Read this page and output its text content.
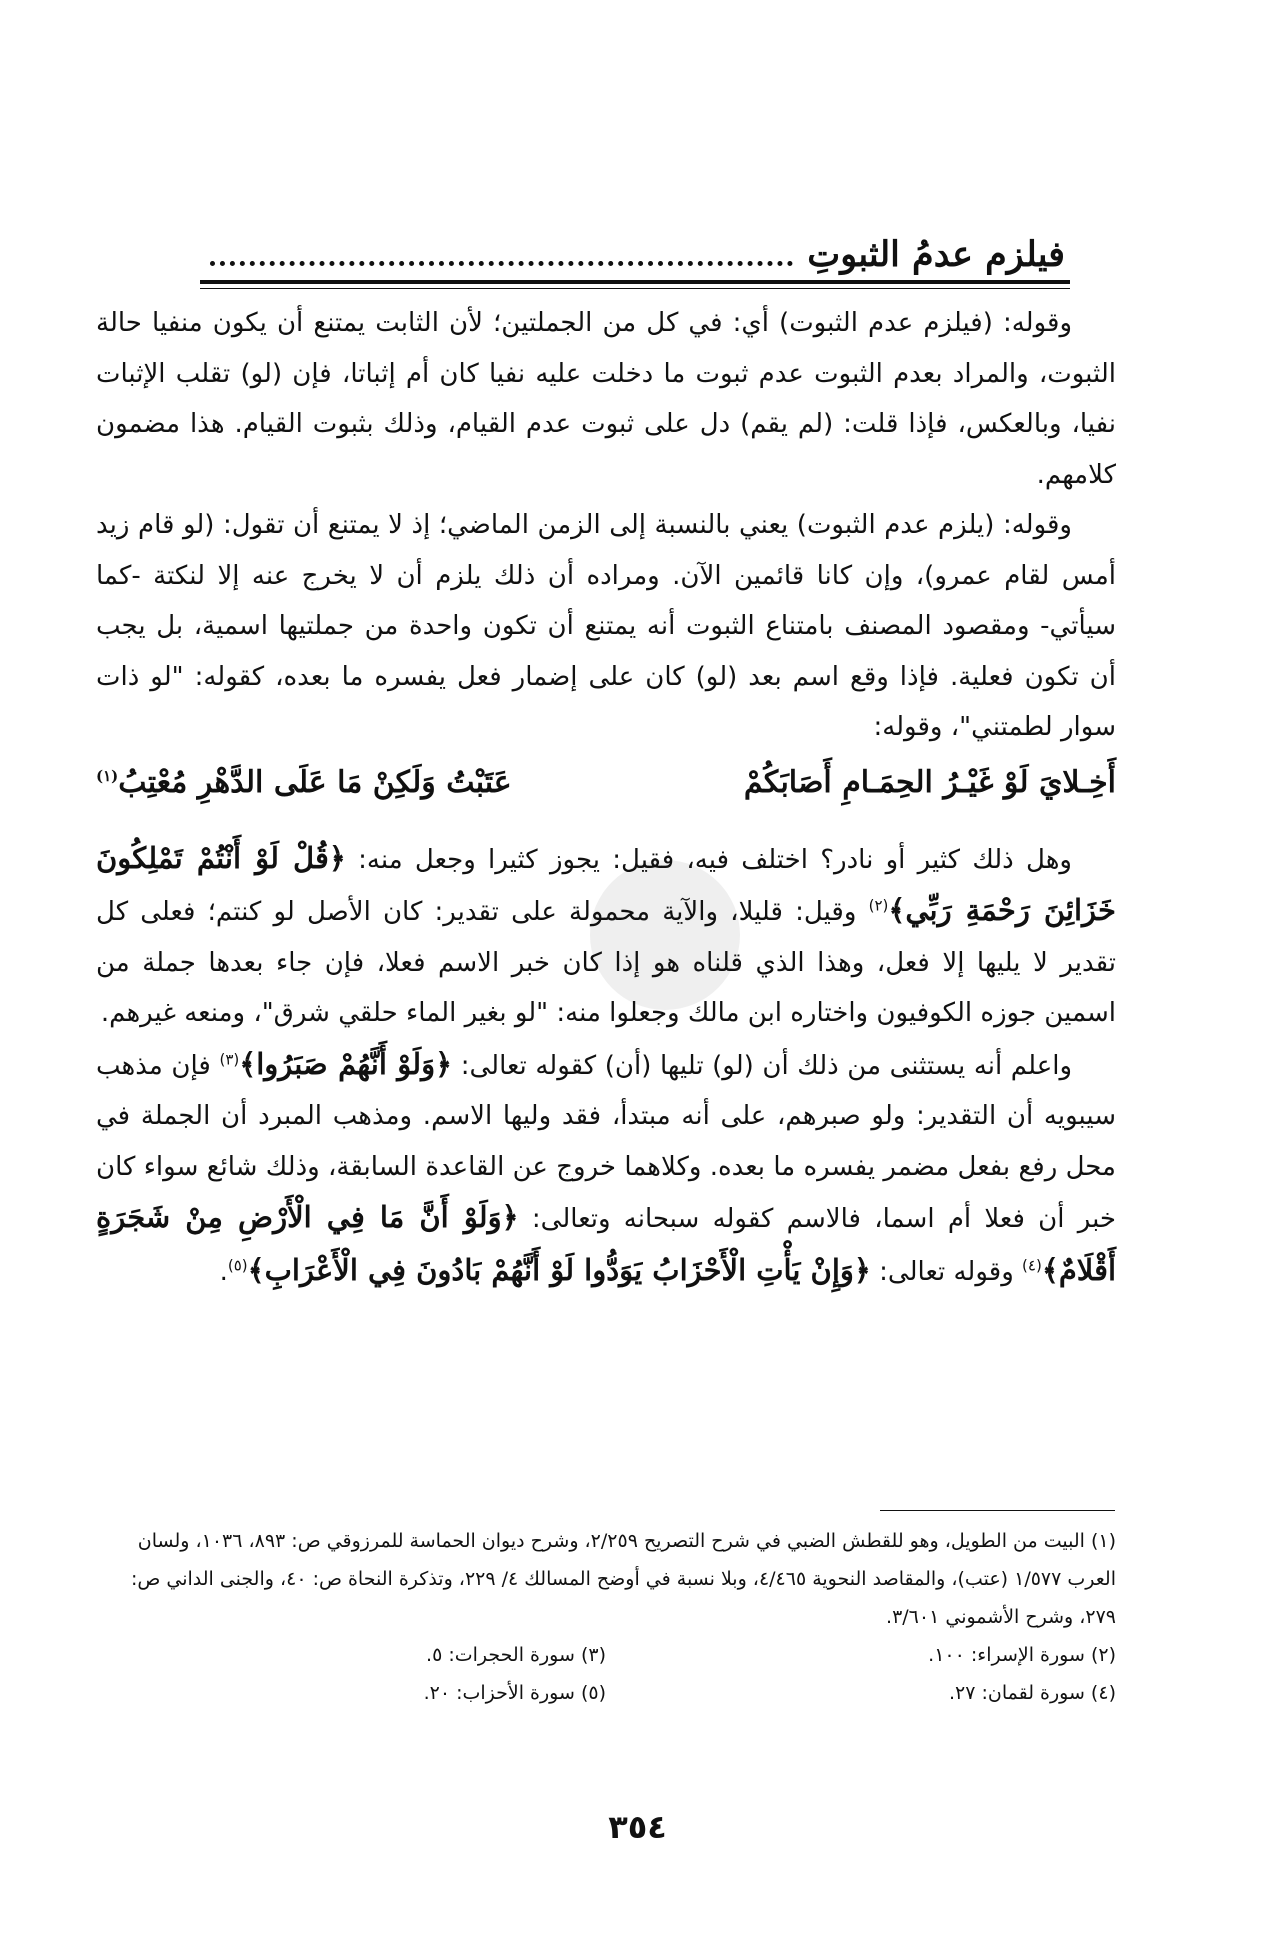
فيلزم عدمُ الثبوتِ

وقوله: (فيلزم عدم الثبوت) أي: في كل من الجملتين؛ لأن الثابت يمتنع أن يكون منفيا حالة الثبوت، والمراد بعدم الثبوت عدم ثبوت ما دخلت عليه نفيا كان أم إثباتا، فإن (لو) تقلب الإثبات نفيا، وبالعكس، فإذا قلت: (لم يقم) دل على ثبوت عدم القيام، وذلك بثبوت القيام. هذا مضمون كلامهم.

وقوله: (يلزم عدم الثبوت) يعني بالنسبة إلى الزمن الماضي؛ إذ لا يمتنع أن تقول: (لو قام زيد أمس لقام عمرو)، وإن كانا قائمين الآن. ومراده أن ذلك يلزم أن لا يخرج عنه إلا لنكتة -كما سيأتي- ومقصود المصنف بامتناع الثبوت أنه يمتنع أن تكون واحدة من جملتيها اسمية، بل يجب أن تكون فعلية. فإذا وقع اسم بعد (لو) كان على إضمار فعل يفسره ما بعده، كقوله: "لو ذات سوار لطمتني"، وقوله:

أَخِـلايَ لَوْ غَيْـرُ الحِمَـامِ أَصَابَكُمْ
عَتَبْتُ وَلَكِنْ مَا عَلَى الدَّهْرِ مُعْتِبُ$^{(١)}$

وهل ذلك كثير أو نادر؟ اختلف فيه، فقيل: يجوز كثيرا وجعل منه: ﴿قُلْ لَوْ أَنْتُمْ تَمْلِكُونَ خَزَائِنَ رَحْمَةِ رَبِّي﴾$^{(٢)}$ وقيل: قليلا، والآية محمولة على تقدير: كان الأصل لو كنتم؛ فعلى كل تقدير لا يليها إلا فعل، وهذا الذي قلناه هو إذا كان خبر الاسم فعلا، فإن جاء بعدها جملة من اسمين جوزه الكوفيون واختاره ابن مالك وجعلوا منه: "لو بغير الماء حلقي شرق"، ومنعه غيرهم.

واعلم أنه يستثنى من ذلك أن (لو) تليها (أن) كقوله تعالى: ﴿وَلَوْ أَنَّهُمْ صَبَرُوا﴾$^{(٣)}$ فإن مذهب سيبويه أن التقدير: ولو صبرهم، على أنه مبتدأ، فقد وليها الاسم. ومذهب المبرد أن الجملة في محل رفع بفعل مضمر يفسره ما بعده. وكلاهما خروج عن القاعدة السابقة، وذلك شائع سواء كان خبر أن فعلا أم اسما، فالاسم كقوله سبحانه وتعالى: ﴿وَلَوْ أَنَّ مَا فِي الْأَرْضِ مِنْ شَجَرَةٍ أَقْلَامٌ﴾$^{(٤)}$ وقوله تعالى: ﴿وَإِنْ يَأْتِ الْأَحْزَابُ يَوَدُّوا لَوْ أَنَّهُمْ بَادُونَ فِي الْأَعْرَابِ﴾$^{(٥)}$.

(١) البيت من الطويل، وهو للقطش الضبي في شرح التصريح ٢/٢٥٩، وشرح ديوان الحماسة للمرزوقي ص: ٨٩٣، ١٠٣٦، ولسان العرب ١/٥٧٧ (عتب)، والمقاصد النحوية ٤/٤٦٥، وبلا نسبة في أوضح المسالك ٤/ ٢٢٩، وتذكرة النحاة ص: ٤٠، والجنى الداني ص: ٢٧٩، وشرح الأشموني ٣/٦٠١.
(٢) سورة الإسراء: ١٠٠.
(٣) سورة الحجرات: ٥.
(٤) سورة لقمان: ٢٧.
(٥) سورة الأحزاب: ٢٠.
٣٥٤
